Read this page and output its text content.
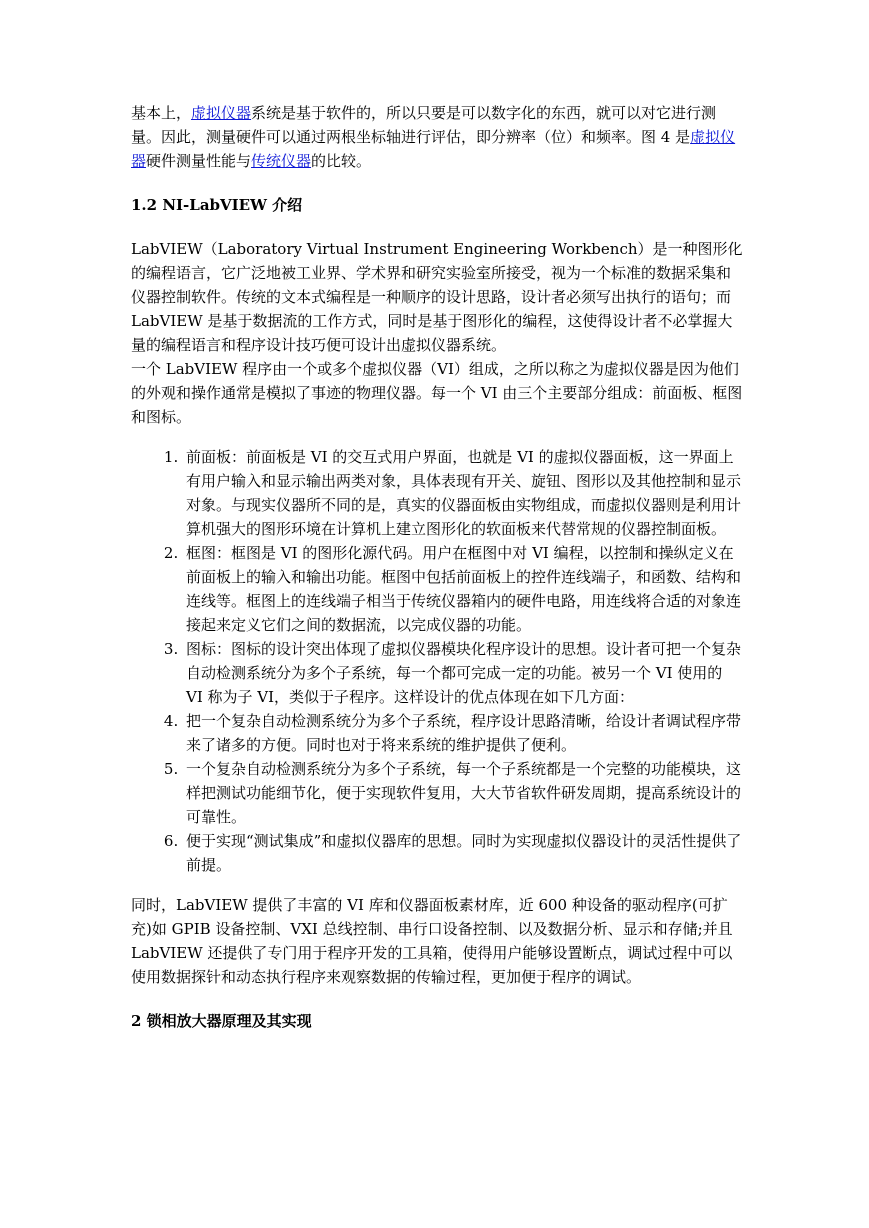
基本上，虚拟仪器系统是基于软件的，所以只要是可以数字化的东西，就可以对它进行测量。因此，测量硬件可以通过两根坐标轴进行评估，即分辨率（位）和频率。图 4 是虚拟仪器硬件测量性能与传统仪器的比较。

1.2 NI-LabVIEW 介绍

LabVIEW（Laboratory Virtual Instrument Engineering Workbench）是一种图形化的编程语言，它广泛地被工业界、学术界和研究实验室所接受，视为一个标准的数据采集和仪器控制软件。传统的文本式编程是一种顺序的设计思路，设计者必须写出执行的语句；而 LabVIEW 是基于数据流的工作方式，同时是基于图形化的编程，这使得设计者不必掌握大量的编程语言和程序设计技巧便可设计出虚拟仪器系统。

一个 LabVIEW 程序由一个或多个虚拟仪器（VI）组成，之所以称之为虚拟仪器是因为他们的外观和操作通常是模拟了事迹的物理仪器。每一个 VI 由三个主要部分组成：前面板、框图和图标。

1. 前面板：前面板是 VI 的交互式用户界面，也就是 VI 的虚拟仪器面板，这一界面上有用户输入和显示输出两类对象，具体表现有开关、旋钮、图形以及其他控制和显示对象。与现实仪器所不同的是，真实的仪器面板由实物组成，而虚拟仪器则是利用计算机强大的图形环境在计算机上建立图形化的软面板来代替常规的仪器控制面板。
2. 框图：框图是 VI 的图形化源代码。用户在框图中对 VI 编程，以控制和操纵定义在前面板上的输入和输出功能。框图中包括前面板上的控件连线端子，和函数、结构和连线等。框图上的连线端子相当于传统仪器箱内的硬件电路，用连线将合适的对象连接起来定义它们之间的数据流，以完成仪器的功能。
3. 图标：图标的设计突出体现了虚拟仪器模块化程序设计的思想。设计者可把一个复杂自动检测系统分为多个子系统，每一个都可完成一定的功能。被另一个 VI 使用的 VI 称为子 VI，类似于子程序。这样设计的优点体现在如下几方面：
4. 把一个复杂自动检测系统分为多个子系统，程序设计思路清晰，给设计者调试程序带来了诸多的方便。同时也对于将来系统的维护提供了便利。
5. 一个复杂自动检测系统分为多个子系统，每一个子系统都是一个完整的功能模块，这样把测试功能细节化，便于实现软件复用，大大节省软件研发周期，提高系统设计的可靠性。
6. 便于实现“测试集成”和虚拟仪器库的思想。同时为实现虚拟仪器设计的灵活性提供了前提。

同时，LabVIEW 提供了丰富的 VI 库和仪器面板素材库，近 600 种设备的驱动程序(可扩充)如 GPIB 设备控制、VXI 总线控制、串行口设备控制、以及数据分析、显示和存储;并且 LabVIEW 还提供了专门用于程序开发的工具箱，使得用户能够设置断点，调试过程中可以使用数据探针和动态执行程序来观察数据的传输过程，更加便于程序的调试。

2 锁相放大器原理及其实现
